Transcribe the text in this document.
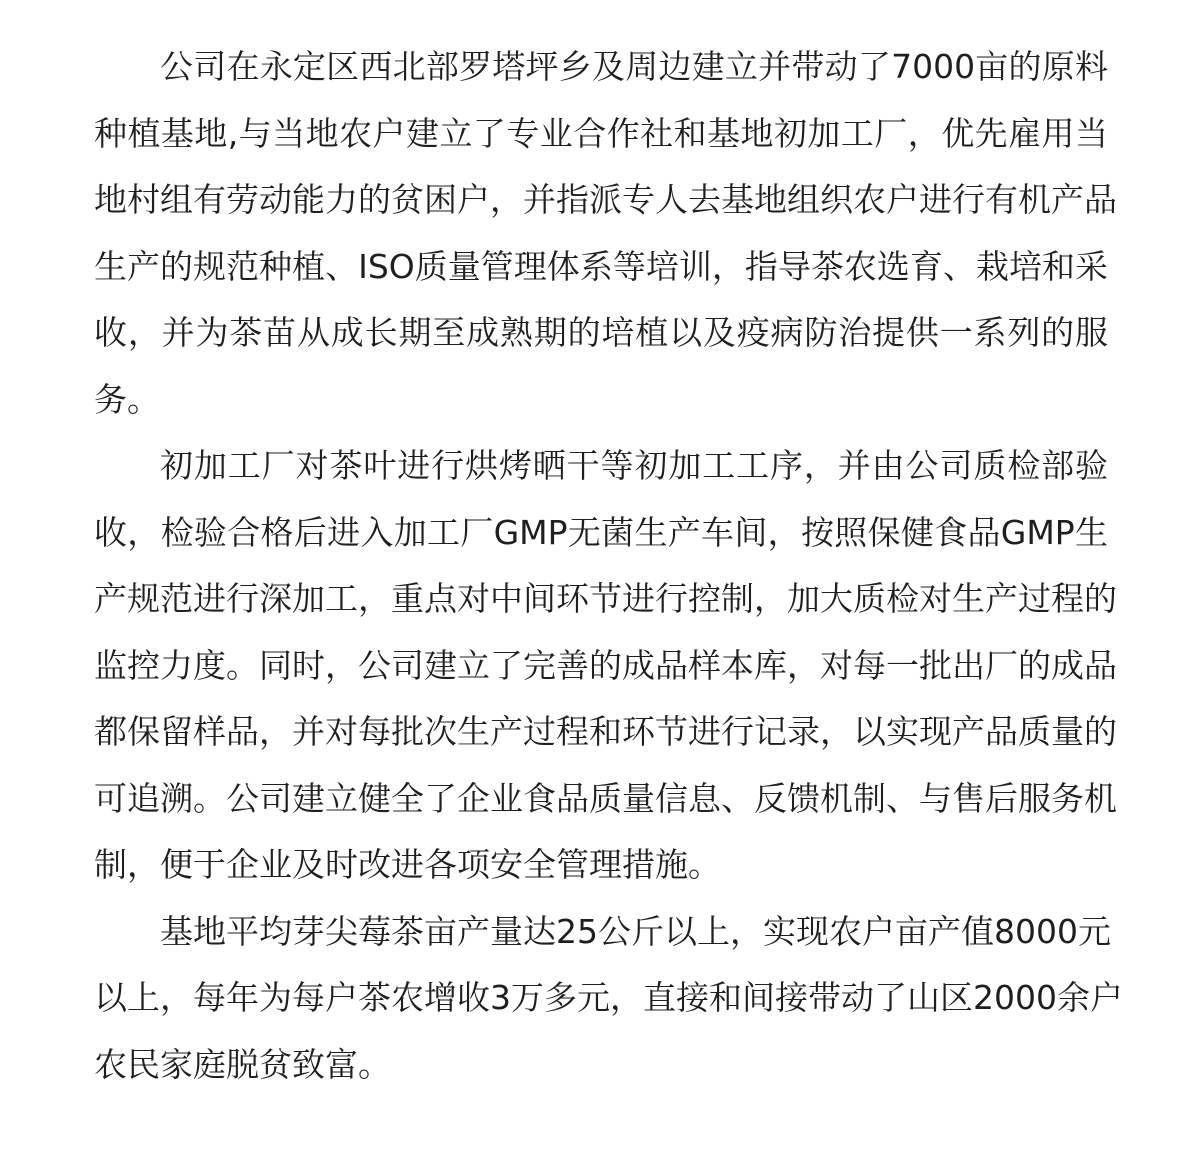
公司在永定区西北部罗塔坪乡及周边建立并带动了7000亩的原料
种植基地,与当地农户建立了专业合作社和基地初加工厂，优先雇用当
地村组有劳动能力的贫困户，并指派专人去基地组织农户进行有机产品
生产的规范种植、ISO质量管理体系等培训，指导茶农选育、栽培和采
收，并为茶苗从成长期至成熟期的培植以及疫病防治提供一系列的服
务。
初加工厂对茶叶进行烘烤晒干等初加工工序，并由公司质检部验
收，检验合格后进入加工厂GMP无菌生产车间，按照保健食品GMP生
产规范进行深加工，重点对中间环节进行控制，加大质检对生产过程的
监控力度。同时，公司建立了完善的成品样本库，对每一批出厂的成品
都保留样品，并对每批次生产过程和环节进行记录，以实现产品质量的
可追溯。公司建立健全了企业食品质量信息、反馈机制、与售后服务机
制，便于企业及时改进各项安全管理措施。
基地平均芽尖莓茶亩产量达25公斤以上，实现农户亩产值8000元
以上，每年为每户茶农增收3万多元，直接和间接带动了山区2000余户
农民家庭脱贫致富。
